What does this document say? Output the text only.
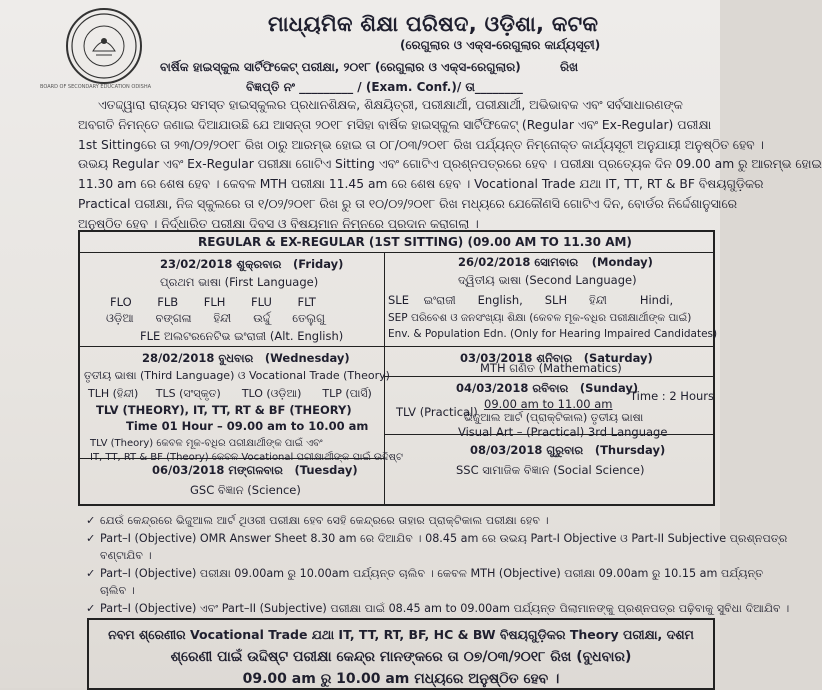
BOARD OF SECONDARY EDUCATION ODISHA
ମାଧ୍ୟମିକ ଶିକ୍ଷା ପରିଷଦ, ଓଡ଼ିଶା, କଟକ
(ରେଗୁଲାର ଓ ଏକ୍ସ-ରେଗୁଲାର କାର୍ଯ୍ୟସୂଚୀ)
ବାର୍ଷିକ ହାଇସ୍କୁଲ ସାର୍ଟିଫିକେଟ୍ ପରୀକ୍ଷା, ୨୦୧୮ (ରେଗୁଲାର ଓ ଏକ୍ସ-ରେଗୁଲାର)	ରିଖ
ବିଜ୍ଞପ୍ତି ନଂ _________ / (Exam. Conf.)/ ତା________
ଏତଦ୍ଦ୍ୱାରା ରାଜ୍ୟର ସମସ୍ତ ହାଇସ୍କୁଲର ପ୍ରଧାନଶିକ୍ଷକ, ଶିକ୍ଷୟିତ୍ରୀ, ପରୀକ୍ଷାର୍ଥୀ, ପରୀକ୍ଷାର୍ଥୀ, ଅଭିଭାବକ ଏବଂ ସର୍ବସାଧାରଣଙ୍କ
ଅବଗତି ନିମନ୍ତେ ଜଣାଇ ଦିଆଯାଉଛି ଯେ ଆସନ୍ତା ୨୦୧୮ ମସିହା ବାର୍ଷିକ ହାଇସ୍କୁଲ ସାର୍ଟିଫିକେଟ୍ (Regular ଏବଂ Ex-Regular) ପରୀକ୍ଷା
1st Sittingରେ ତା ୨୩/୦୨/୨୦୧୮ ରିଖ ଠାରୁ ଆରମ୍ଭ ହୋଇ ତା ୦୮/୦୩/୨୦୧୮ ରିଖ ପର୍ଯ୍ୟନ୍ତ ନିମ୍ନୋକ୍ତ କାର୍ଯ୍ୟସୂଚୀ ଅନୁଯାୟୀ ଅନୁଷ୍ଠିତ ହେବ ।
ଉଭୟ Regular ଏବଂ Ex-Regular ପରୀକ୍ଷା ଗୋଟିଏ Sitting ଏବଂ ଗୋଟିଏ ପ୍ରଶ୍ନପତ୍ରରେ ହେବ । ପରୀକ୍ଷା ପ୍ରତ୍ୟେକ ଦିନ 09.00 am ରୁ ଆରମ୍ଭ ହୋଇ
11.30 am ରେ ଶେଷ ହେବ । କେବଳ MTH ପରୀକ୍ଷା 11.45 am ରେ ଶେଷ ହେବ । Vocational Trade ଯଥା IT, TT, RT & BF ବିଷୟଗୁଡ଼ିକର
Practical ପରୀକ୍ଷା, ନିଜ ସ୍କୁଲରେ ତା ୧/୦୨/୨୦୧୮ ରିଖ ରୁ ତା ୧୦/୦୨/୨୦୧୮ ରିଖ ମଧ୍ୟରେ ଯେକୌଣସି ଗୋଟିଏ ଦିନ, ବୋର୍ଡର ନିର୍ଦ୍ଦେଶାନୁସାରେ
ଅନୁଷ୍ଠିତ ହେବ । ନିର୍ଦ୍ଧାରିତ ପରୀକ୍ଷା ଦିବସ ଓ ବିଷୟମାନ ନିମ୍ନରେ ପ୍ରଦାନ କରାଗଲା ।
REGULAR & EX-REGULAR (1ST SITTING) (09.00 AM TO 11.30 AM)
23/02/2018 ଶୁକ୍ରବାର (Friday)
ପ୍ରଥମ ଭାଷା (First Language)
FLO       FLB       FLH       FLU       FLT
ଓଡ଼ିଆ      ବଙ୍ଗଳା      ହିନ୍ଦୀ      ଉର୍ଦ୍ଦୁ      ତେଲୁଗୁ
FLE ଅଲଟରନେଟିଭ ଇଂରାଜୀ (Alt. English)
26/02/2018 ସୋମବାର (Monday)
ଦ୍ୱିତୀୟ ଭାଷା (Second Language)
SLE    ଇଂରାଜୀ      English,      SLH      ହିନ୍ଦୀ         Hindi,
SEP ପରିବେଶ ଓ ଜନସଂଖ୍ୟା ଶିକ୍ଷା (କେବଳ ମୂକ-ବଧିର ପରୀକ୍ଷାର୍ଥୀଙ୍କ ପାଇଁ)
Env. & Population Edn. (Only for Hearing Impaired Candidates)
28/02/2018 ବୁଧବାର (Wednesday)
ତୃତୀୟ ଭାଷା (Third Language) ଓ Vocational Trade (Theory)
TLH (ହିନ୍ଦୀ)     TLS (ସଂସ୍କୃତ)      TLO (ଓଡ଼ିଆ)      TLP (ପାର୍ସି)
TLV (THEORY), IT, TT, RT & BF (THEORY)
Time 01 Hour – 09.00 am to 10.00 am
TLV (Theory) କେବଳ ମୂକ-ବଧିର ପରୀକ୍ଷାର୍ଥୀଙ୍କ ପାଇଁ ଏବଂ
IT, TT, RT & BF (Theory) କେବଳ Vocational ପରୀକ୍ଷାର୍ଥୀଙ୍କ ପାଇଁ ଉଦ୍ଦିଷ୍ଟ
03/03/2018 ଶନିବାର (Saturday)
MTH ଗଣିତ (Mathematics)
04/03/2018 ରବିବାର (Sunday)
Time : 2 Hours
TLV (Practical)
09.00 am to 11.00 am
ଭିଜୁଆଲ ଆର୍ଟ (ପ୍ରାକ୍ଟିକାଲ) ତୃତୀୟ ଭାଷା
Visual Art – (Practical) 3rd Language
06/03/2018 ମଙ୍ଗଳବାର (Tuesday)
GSC ବିଜ୍ଞାନ (Science)
08/03/2018 ଗୁରୁବାର (Thursday)
SSC ସାମାଜିକ ବିଜ୍ଞାନ (Social Science)
✓ ଯେଉଁ କେନ୍ଦ୍ରରେ ଭିଜୁଆଲ ଆର୍ଟ ଥିଓରୀ ପରୀକ୍ଷା ହେବ ସେହି କେନ୍ଦ୍ରରେ ତାହାର ପ୍ରାକ୍ଟିକାଲ ପରୀକ୍ଷା ହେବ ।
✓ Part–I (Objective) OMR Answer Sheet 8.30 am ରେ ଦିଆଯିବ । 08.45 am ରେ ଉଭୟ Part-I Objective ଓ Part-II Subjective ପ୍ରଶ୍ନପତ୍ର
ବଣ୍ଟାଯିବ ।
✓ Part–I (Objective) ପରୀକ୍ଷା 09.00am ରୁ 10.00am ପର୍ଯ୍ୟନ୍ତ ଚାଲିବ । କେବଳ MTH (Objective) ପରୀକ୍ଷା 09.00am ରୁ 10.15 am ପର୍ଯ୍ୟନ୍ତ
ଚାଲିବ ।
✓ Part–I (Objective) ଏବଂ Part–II (Subjective) ପରୀକ୍ଷା ପାଇଁ 08.45 am to 09.00am ପର୍ଯ୍ୟନ୍ତ ପିଲାମାନଙ୍କୁ ପ୍ରଶ୍ନପତ୍ର ପଢ଼ିବାକୁ ସୁବିଧା ଦିଆଯିବ ।
ନବମ ଶ୍ରେଣୀର Vocational Trade ଯଥା IT, TT, RT, BF, HC & BW ବିଷୟଗୁଡ଼ିକର Theory ପରୀକ୍ଷା, ଦଶମ
ଶ୍ରେଣୀ ପାଇଁ ଉଦ୍ଦିଷ୍ଟ ପରୀକ୍ଷା କେନ୍ଦ୍ର ମାନଙ୍କରେ ତା ୦୭/୦୩/୨୦୧୮ ରିଖ (ବୁଧବାର)
09.00 am ରୁ 10.00 am ମଧ୍ୟରେ ଅନୁଷ୍ଠିତ ହେବ ।
